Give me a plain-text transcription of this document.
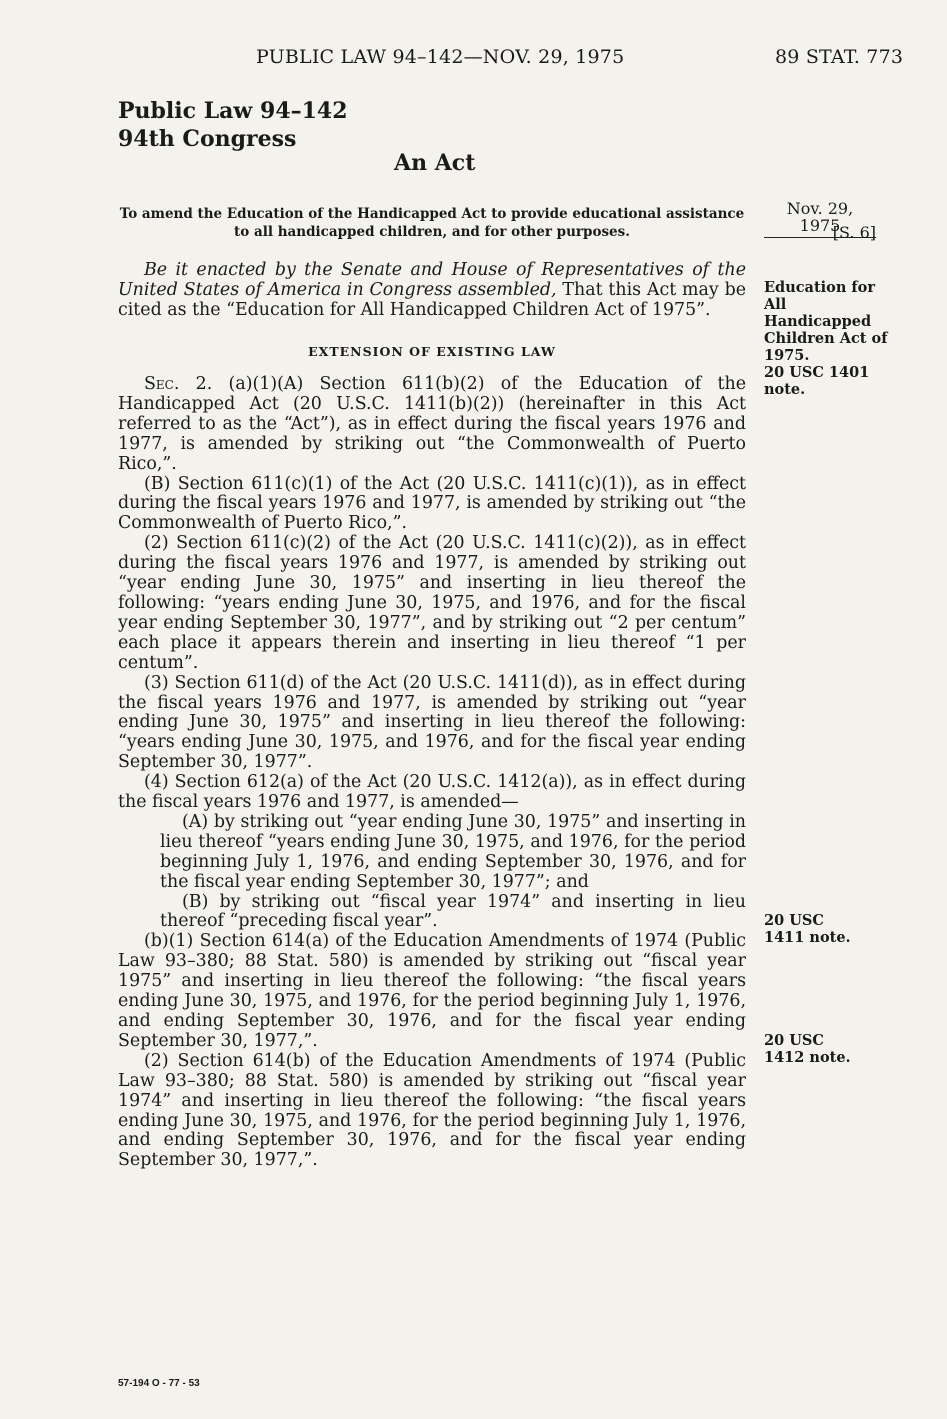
PUBLIC LAW 94–142—NOV. 29, 1975	89 STAT. 773
Public Law 94–142
94th Congress
An Act
To amend the Education of the Handicapped Act to provide educational assistance to all handicapped children, and for other purposes.
Nov. 29, 1975
[S. 6]
Education for All Handicapped Children Act of 1975.
20 USC 1401 note.
20 USC 1411 note.
20 USC 1412 note.

Be it enacted by the Senate and House of Representatives of the United States of America in Congress assembled, That this Act may be cited as the “Education for All Handicapped Children Act of 1975”.

EXTENSION OF EXISTING LAW

Sec. 2. (a)(1)(A) Section 611(b)(2) of the Education of the Handicapped Act (20 U.S.C. 1411(b)(2)) (hereinafter in this Act referred to as the “Act”), as in effect during the fiscal years 1976 and 1977, is amended by striking out “the Commonwealth of Puerto Rico,”.

(B) Section 611(c)(1) of the Act (20 U.S.C. 1411(c)(1)), as in effect during the fiscal years 1976 and 1977, is amended by striking out “the Commonwealth of Puerto Rico,”.

(2) Section 611(c)(2) of the Act (20 U.S.C. 1411(c)(2)), as in effect during the fiscal years 1976 and 1977, is amended by striking out “year ending June 30, 1975” and inserting in lieu thereof the following: “years ending June 30, 1975, and 1976, and for the fiscal year ending September 30, 1977”, and by striking out “2 per centum” each place it appears therein and inserting in lieu thereof “1 per centum”.

(3) Section 611(d) of the Act (20 U.S.C. 1411(d)), as in effect during the fiscal years 1976 and 1977, is amended by striking out “year ending June 30, 1975” and inserting in lieu thereof the following: “years ending June 30, 1975, and 1976, and for the fiscal year ending September 30, 1977”.

(4) Section 612(a) of the Act (20 U.S.C. 1412(a)), as in effect during the fiscal years 1976 and 1977, is amended—

(A) by striking out “year ending June 30, 1975” and inserting in lieu thereof “years ending June 30, 1975, and 1976, for the period beginning July 1, 1976, and ending September 30, 1976, and for the fiscal year ending September 30, 1977”; and

(B) by striking out “fiscal year 1974” and inserting in lieu thereof “preceding fiscal year”.

(b)(1) Section 614(a) of the Education Amendments of 1974 (Public Law 93–380; 88 Stat. 580) is amended by striking out “fiscal year 1975” and inserting in lieu thereof the following: “the fiscal years ending June 30, 1975, and 1976, for the period beginning July 1, 1976, and ending September 30, 1976, and for the fiscal year ending September 30, 1977,”.

(2) Section 614(b) of the Education Amendments of 1974 (Public Law 93–380; 88 Stat. 580) is amended by striking out “fiscal year 1974” and inserting in lieu thereof the following: “the fiscal years ending June 30, 1975, and 1976, for the period beginning July 1, 1976, and ending September 30, 1976, and for the fiscal year ending September 30, 1977,”.

57-194 O - 77 - 53
